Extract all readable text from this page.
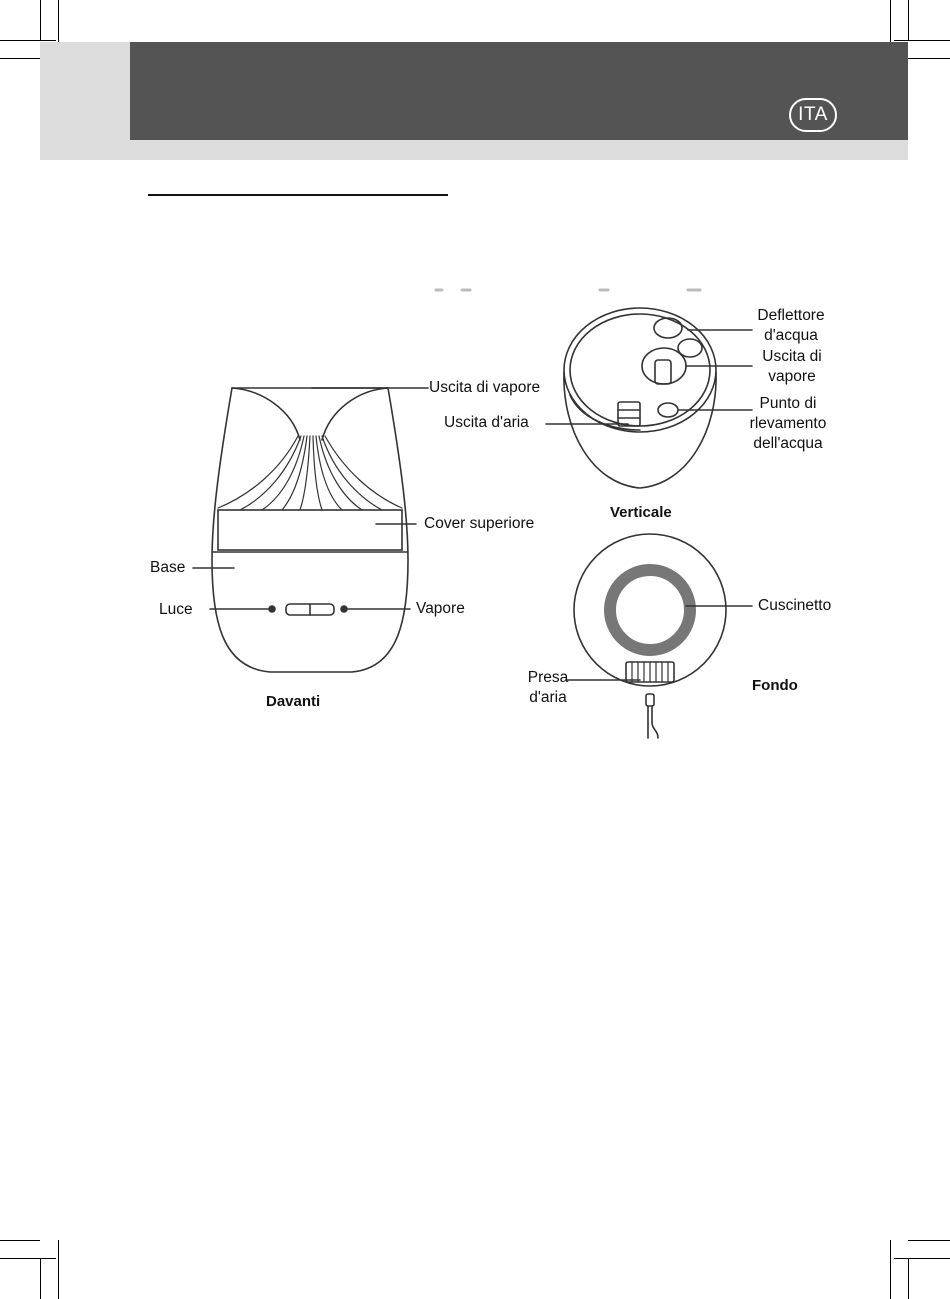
ITA
Uscita di vapore
Cover superiore
Base
Luce	Vapore
Davanti
Deflettore
d'acqua
Uscita di
vapore
Uscita d'aria
Punto di
rlevamento
dell'acqua
Verticale
Cuscinetto
Presa
d'aria
Fondo
